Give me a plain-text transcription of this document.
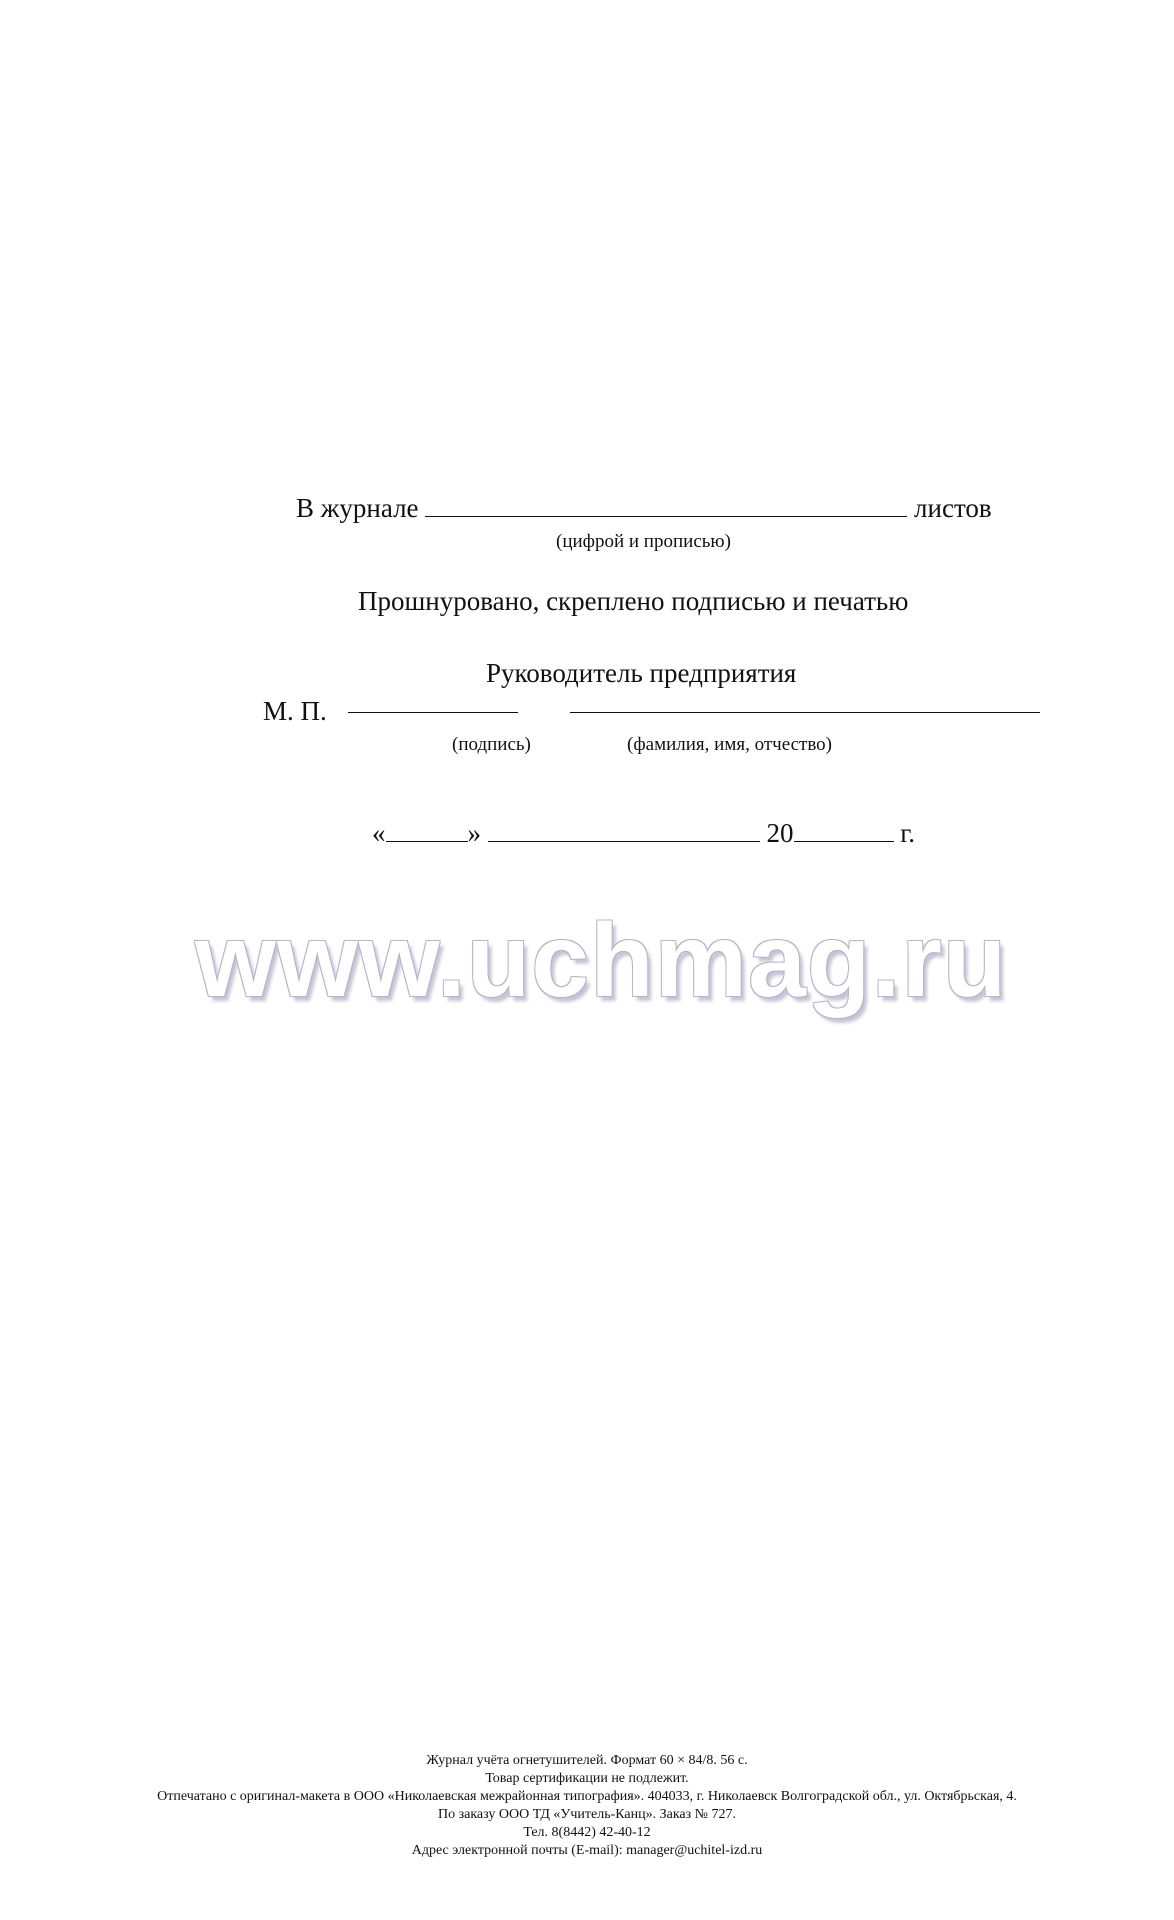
В журнале	листов
(цифрой и прописью)
Прошнуровано, скреплено подписью и печатью
Руководитель предприятия
М. П.
(подпись)	(фамилия, имя, отчество)
«	»	20	г.
www.uchmag.ru
Журнал учёта огнетушителей. Формат 60 × 84/8. 56 с.
Товар сертификации не подлежит.
Отпечатано с оригинал-макета в ООО «Николаевская межрайонная типография». 404033, г. Николаевск Волгоградской обл., ул. Октябрьская, 4.
По заказу ООО ТД «Учитель-Канц». Заказ № 727.
Тел. 8(8442) 42-40-12
Адрес электронной почты (E-mail): manager@uchitel-izd.ru
